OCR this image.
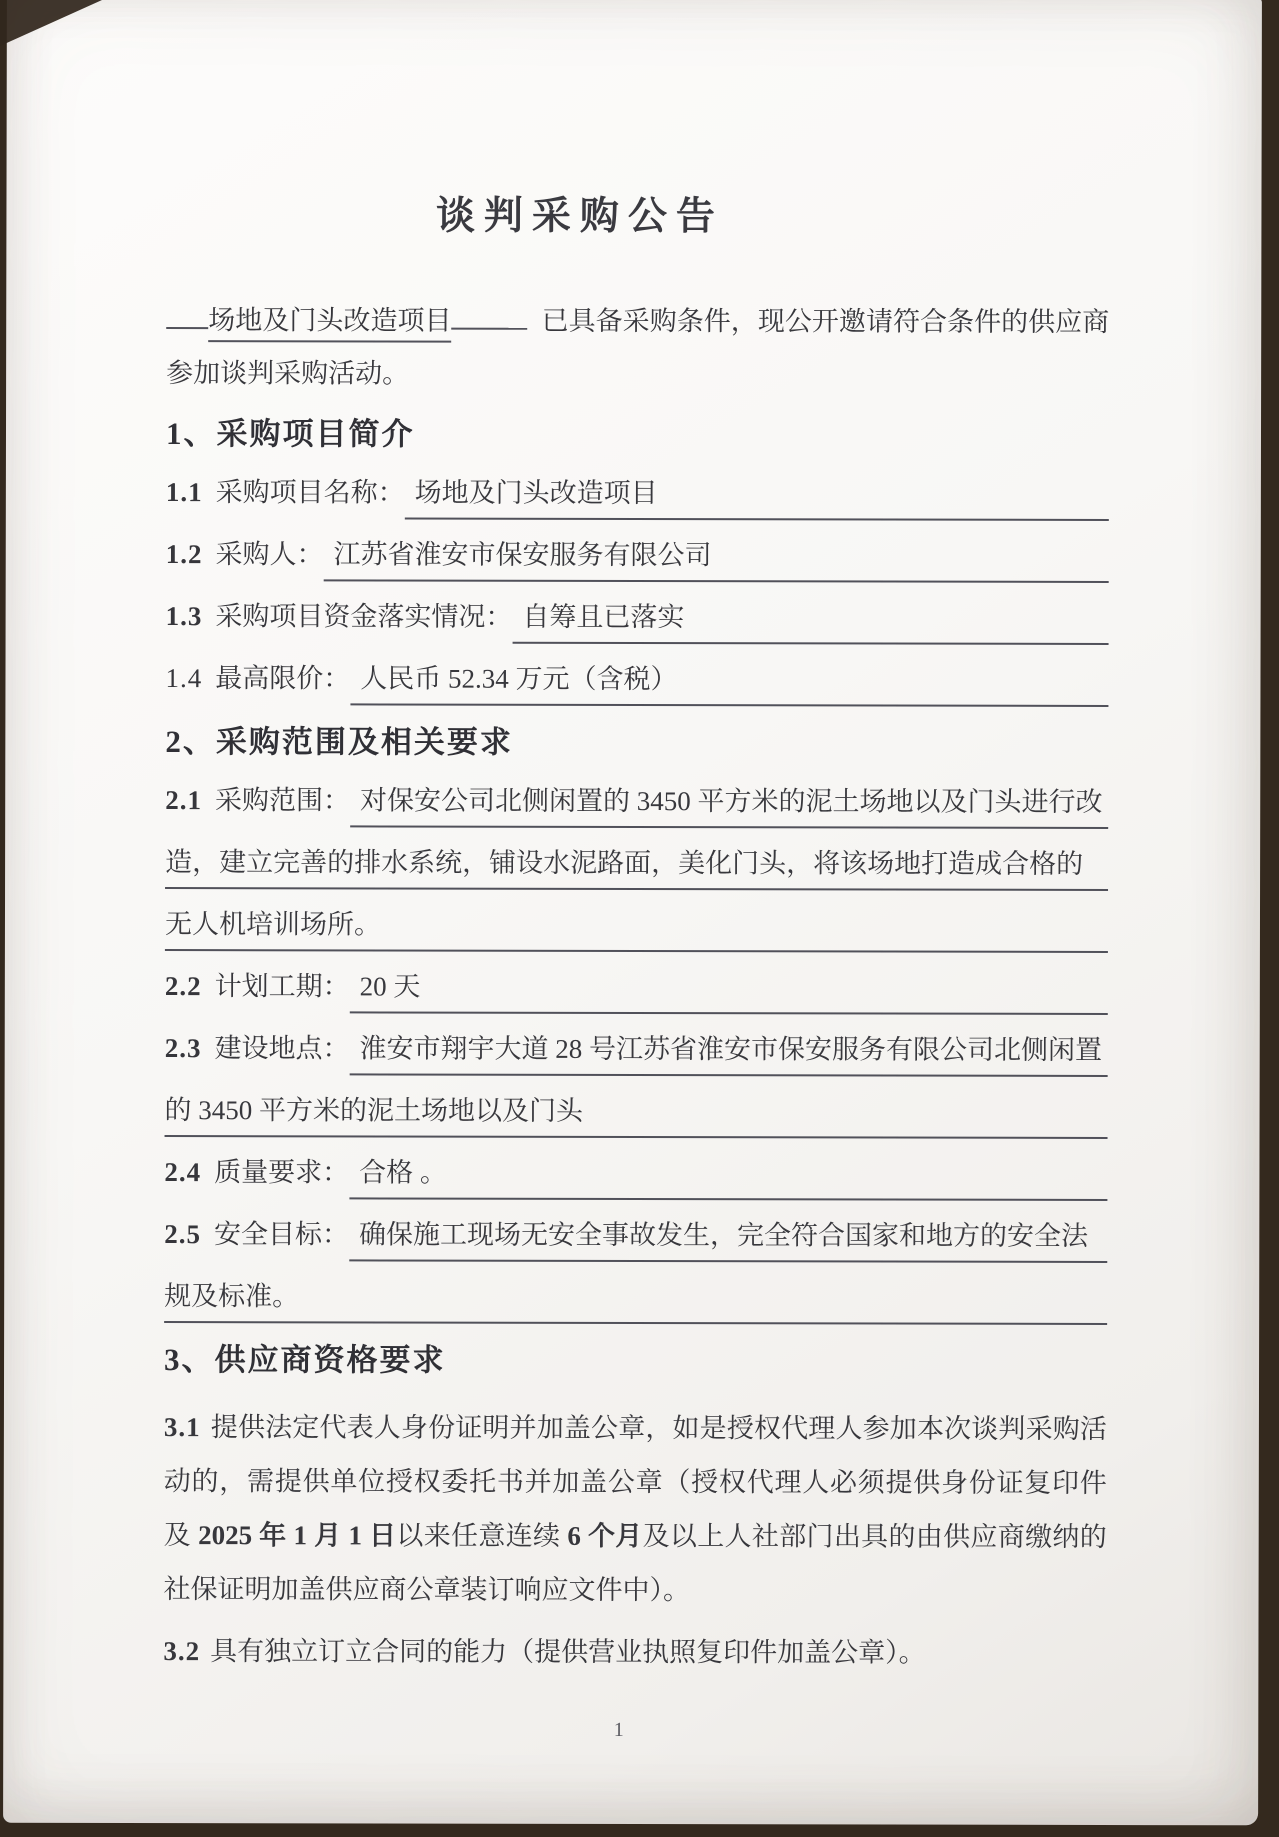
谈判采购公告

场地及门头改造项目	已具备采购条件，现公开邀请符合条件的供应商参加谈判采购活动。

1、采购项目简介
1.1 采购项目名称： 场地及门头改造项目
1.2 采购人： 江苏省淮安市保安服务有限公司
1.3 采购项目资金落实情况： 自筹且已落实
1.4 最高限价： 人民币 52.34 万元（含税）
2、采购范围及相关要求
2.1 采购范围： 对保安公司北侧闲置的 3450 平方米的泥土场地以及门头进行改
造，建立完善的排水系统，铺设水泥路面，美化门头，将该场地打造成合格的
无人机培训场所。
2.2 计划工期： 20 天
2.3 建设地点： 淮安市翔宇大道 28 号江苏省淮安市保安服务有限公司北侧闲置
的 3450 平方米的泥土场地以及门头
2.4 质量要求： 合格 。
2.5 安全目标： 确保施工现场无安全事故发生，完全符合国家和地方的安全法
规及标准。
3、供应商资格要求

3.1 提供法定代表人身份证明并加盖公章，如是授权代理人参加本次谈判采购活动的，需提供单位授权委托书并加盖公章（授权代理人必须提供身份证复印件及 2025 年 1 月 1 日以来任意连续 6 个月及以上人社部门出具的由供应商缴纳的社保证明加盖供应商公章装订响应文件中）。

3.2 具有独立订立合同的能力（提供营业执照复印件加盖公章）。

1
